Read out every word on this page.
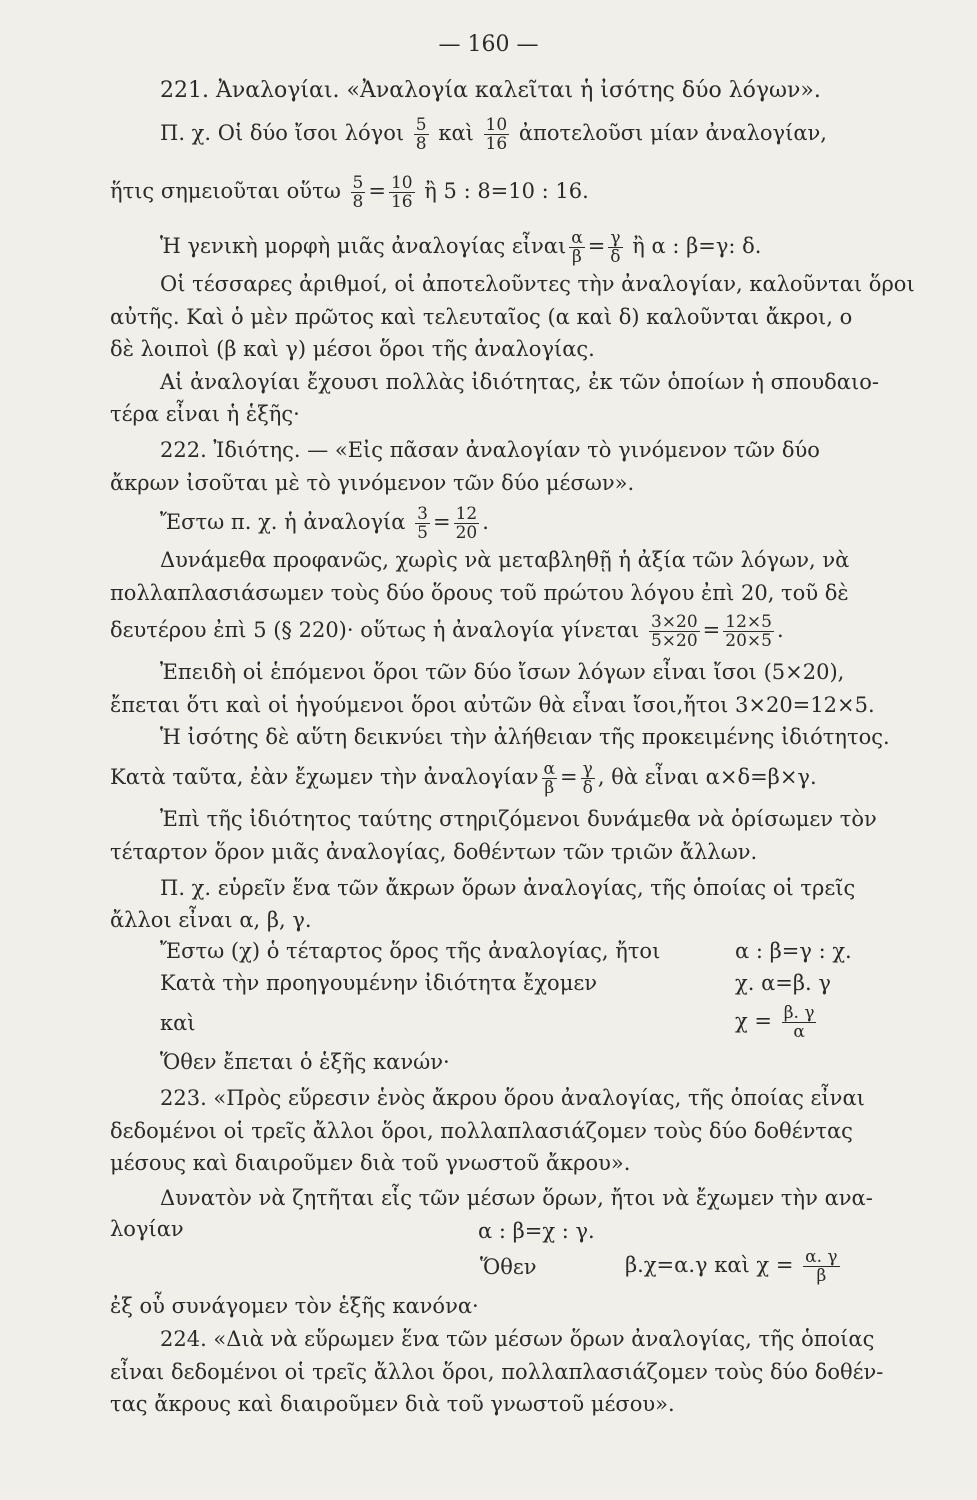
— 160 —
221. Ἀναλογίαι. «Ἀναλογία καλεῖται ἡ ἰσότης δύο λόγων».
Π. χ. Οἱ δύο ἴσοι λόγοι $\frac{5}{8}$ καὶ $\frac{10}{16}$ ἀποτελοῦσι μίαν ἀναλογίαν,
ἥτις σημειοῦται οὕτω $\frac{5}{8} = \frac{10}{16}$ ἢ 5 : 8=10 : 16.
Ἡ γενικὴ μορφὴ μιᾶς ἀναλογίας εἶναι $\frac{\alpha}{\beta} = \frac{\gamma}{\delta}$ ἢ α : β=γ: δ.
Οἱ τέσσαρες ἀριθμοί, οἱ ἀποτελοῦντες τὴν ἀναλογίαν, καλοῦνται ὅροι
αὐτῆς. Καὶ ὁ μὲν πρῶτος καὶ τελευταῖος (α καὶ δ) καλοῦνται ἄκροι, ο
δὲ λοιποὶ (β καὶ γ) μέσοι ὅροι τῆς ἀναλογίας.
Αἱ ἀναλογίαι ἔχουσι πολλὰς ἰδιότητας, ἐκ τῶν ὁποίων ἡ σπουδαιο-
τέρα εἶναι ἡ ἑξῆς·
222. Ἰδιότης. — «Εἰς πᾶσαν ἀναλογίαν τὸ γινόμενον τῶν δύο
ἄκρων ἰσοῦται μὲ τὸ γινόμενον τῶν δύο μέσων».
Ἔστω π. χ. ἡ ἀναλογία $\frac{3}{5} = \frac{12}{20}$ .
Δυνάμεθα προφανῶς, χωρὶς νὰ μεταβληθῇ ἡ ἀξία τῶν λόγων, νὰ
πολλαπλασιάσωμεν τοὺς δύο ὅρους τοῦ πρώτου λόγου ἐπὶ 20, τοῦ δὲ
δευτέρου ἐπὶ 5 (§ 220)· οὕτως ἡ ἀναλογία γίνεται $\frac{3\times 20}{5\times 20} = \frac{12\times 5}{20\times 5}$ .
Ἐπειδὴ οἱ ἑπόμενοι ὅροι τῶν δύο ἴσων λόγων εἶναι ἴσοι (5×20),
ἔπεται ὅτι καὶ οἱ ἡγούμενοι ὅροι αὐτῶν θὰ εἶναι ἴσοι,ἤτοι 3×20=12×5.
Ἡ ἰσότης δὲ αὕτη δεικνύει τὴν ἀλήθειαν τῆς προκειμένης ἰδιότητος.
Κατὰ ταῦτα, ἐὰν ἔχωμεν τὴν ἀναλογίαν $\frac{\alpha}{\beta} = \frac{\gamma}{\delta}$ , θὰ εἶναι α×δ=β×γ.
Ἐπὶ τῆς ἰδιότητος ταύτης στηριζόμενοι δυνάμεθα νὰ ὁρίσωμεν τὸν
τέταρτον ὅρον μιᾶς ἀναλογίας, δοθέντων τῶν τριῶν ἄλλων.
Π. χ. εὑρεῖν ἕνα τῶν ἄκρων ὅρων ἀναλογίας, τῆς ὁποίας οἱ τρεῖς
ἄλλοι εἶναι α, β, γ.
Ἔστω (χ) ὁ τέταρτος ὅρος τῆς ἀναλογίας, ἤτοι	α : β=γ : χ.
Κατὰ τὴν προηγουμένην ἰδιότητα ἔχομεν	χ. α=β. γ
καὶ	$\chi = \frac{\beta. \gamma}{\alpha}$
Ὅθεν ἔπεται ὁ ἑξῆς κανών·
223. «Πρὸς εὕρεσιν ἑνὸς ἄκρου ὅρου ἀναλογίας, τῆς ὁποίας εἶναι
δεδομένοι οἱ τρεῖς ἄλλοι ὅροι, πολλαπλασιάζομεν τοὺς δύο δοθέντας
μέσους καὶ διαιροῦμεν διὰ τοῦ γνωστοῦ ἄκρου».
Δυνατὸν νὰ ζητῆται εἷς τῶν μέσων ὅρων, ἤτοι νὰ ἔχωμεν τὴν ανα-
λογίαν	α : β=χ : γ.
Ὅθεν	β.χ=α.γ καὶ $\chi = \frac{\alpha. \gamma}{\beta}$
ἐξ οὗ συνάγομεν τὸν ἑξῆς κανόνα·
224. «Διὰ νὰ εὕρωμεν ἕνα τῶν μέσων ὅρων ἀναλογίας, τῆς ὁποίας
εἶναι δεδομένοι οἱ τρεῖς ἄλλοι ὅροι, πολλαπλασιάζομεν τοὺς δύο δοθέν-
τας ἄκρους καὶ διαιροῦμεν διὰ τοῦ γνωστοῦ μέσου».
